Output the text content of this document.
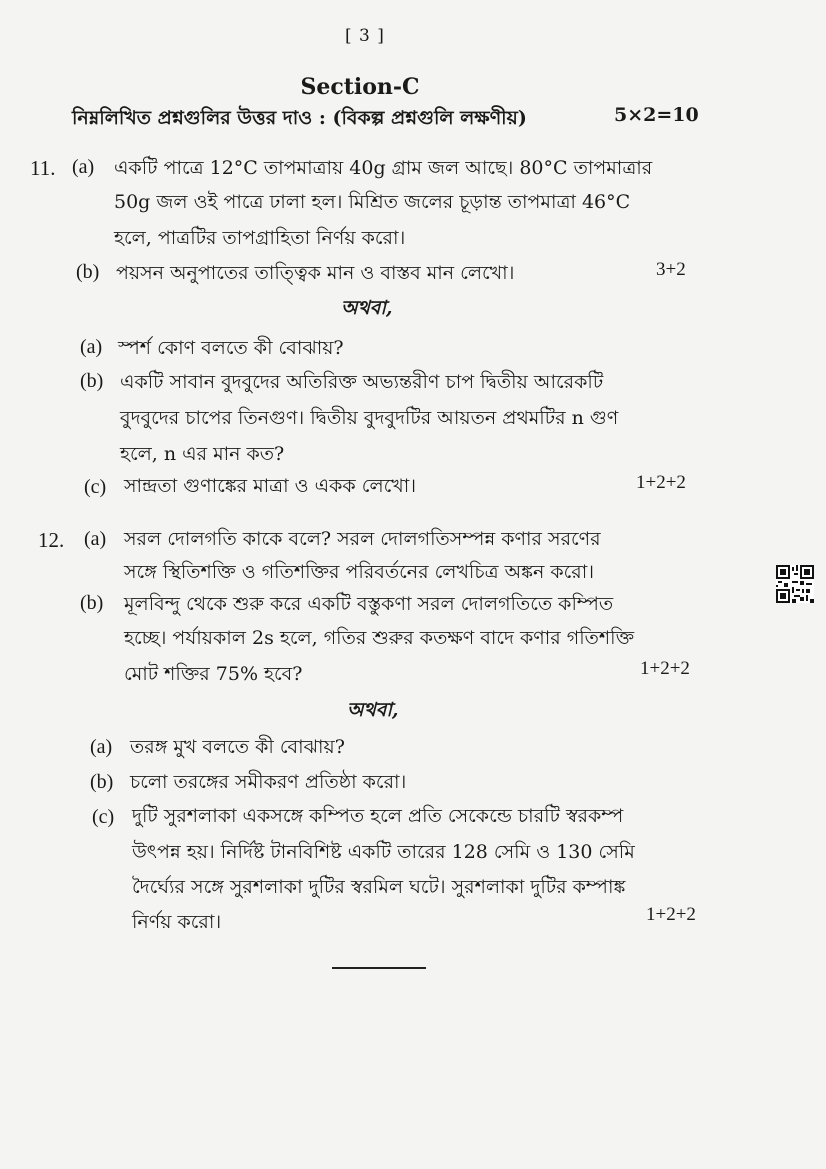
[ 3 ]
Section-C
নিম্নলিখিত প্রশ্নগুলির উত্তর দাও : (বিকল্প প্রশ্নগুলি লক্ষণীয়)	5×2=10
11. (a) একটি পাত্রে 12°C তাপমাত্রায় 40g গ্রাম জল আছে। 80°C তাপমাত্রার
50g জল ওই পাত্রে ঢালা হল। মিশ্রিত জলের চূড়ান্ত তাপমাত্রা 46°C
হলে, পাত্রটির তাপগ্রাহিতা নির্ণয় করো।
(b) পয়সন অনুপাতের তাত্ত্বিক মান ও বাস্তব মান লেখো।	3+2
অথবা,
(a) স্পর্শ কোণ বলতে কী বোঝায়?
(b) একটি সাবান বুদবুদের অতিরিক্ত অভ্যন্তরীণ চাপ দ্বিতীয় আরেকটি
বুদবুদের চাপের তিনগুণ। দ্বিতীয় বুদবুদটির আয়তন প্রথমটির n গুণ
হলে, n এর মান কত?
(c) সান্দ্রতা গুণাঙ্কের মাত্রা ও একক লেখো।	1+2+2
12. (a) সরল দোলগতি কাকে বলে? সরল দোলগতিসম্পন্ন কণার সরণের
সঙ্গে স্থিতিশক্তি ও গতিশক্তির পরিবর্তনের লেখচিত্র অঙ্কন করো।
(b) মূলবিন্দু থেকে শুরু করে একটি বস্তুকণা সরল দোলগতিতে কম্পিত
হচ্ছে। পর্যায়কাল 2s হলে, গতির শুরুর কতক্ষণ বাদে কণার গতিশক্তি
মোট শক্তির 75% হবে?	1+2+2
অথবা,
(a) তরঙ্গ মুখ বলতে কী বোঝায়?
(b) চলো তরঙ্গের সমীকরণ প্রতিষ্ঠা করো।
(c) দুটি সুরশলাকা একসঙ্গে কম্পিত হলে প্রতি সেকেন্ডে চারটি স্বরকম্প
উৎপন্ন হয়। নির্দিষ্ট টানবিশিষ্ট একটি তারের 128 সেমি ও 130 সেমি
দৈর্ঘ্যের সঙ্গে সুরশলাকা দুটির স্বরমিল ঘটে। সুরশলাকা দুটির কম্পাঙ্ক
নির্ণয় করো।	1+2+2
